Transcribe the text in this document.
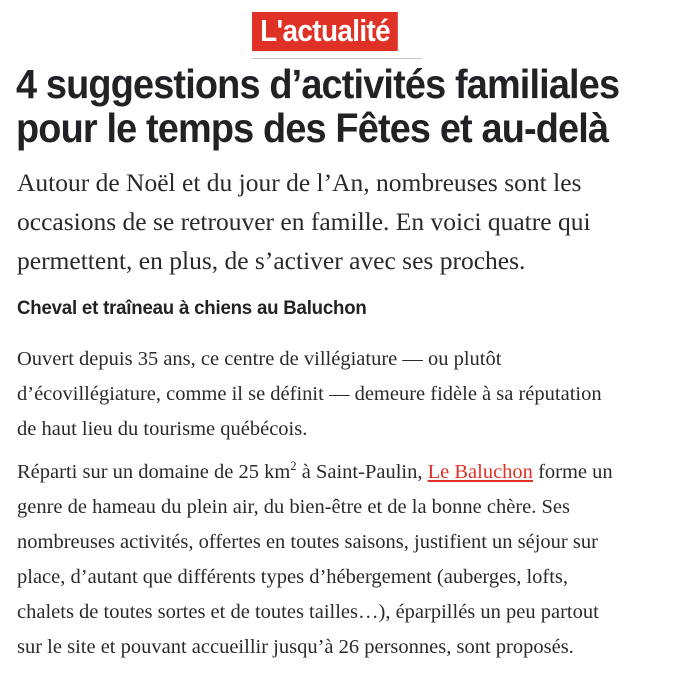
L'actualité
4 suggestions d’activités familiales
pour le temps des Fêtes et au-delà

Autour de Noël et du jour de l’An, nombreuses sont les occasions de se retrouver en famille. En voici quatre qui permettent, en plus, de s’activer avec ses proches.

Cheval et traîneau à chiens au Baluchon

Ouvert depuis 35 ans, ce centre de villégiature — ou plutôt d’écovillégiature, comme il se définit — demeure fidèle à sa réputation de haut lieu du tourisme québécois.

Réparti sur un domaine de 25 $km^2$ à Saint-Paulin, Le Baluchon forme un genre de hameau du plein air, du bien-être et de la bonne chère. Ses nombreuses activités, offertes en toutes saisons, justifient un séjour sur place, d’autant que différents types d’hébergement (auberges, lofts, chalets de toutes sortes et de toutes tailles…), éparpillés un peu partout sur le site et pouvant accueillir jusqu’à 26 personnes, sont proposés.
